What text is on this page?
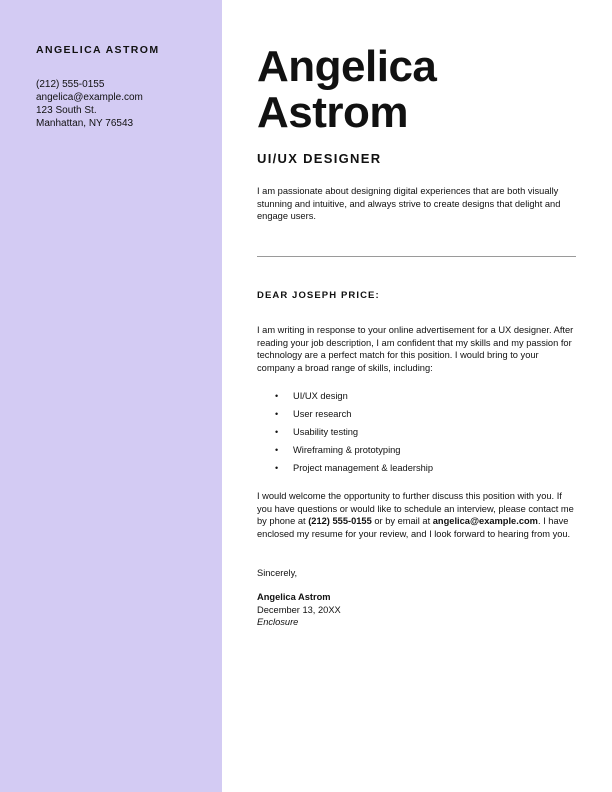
ANGELICA ASTROM
(212) 555-0155
angelica@example.com
123 South St.
Manhattan, NY 76543
Angelica
Astrom
UI/UX DESIGNER
I am passionate about designing digital experiences that are both visually stunning and intuitive, and always strive to create designs that delight and engage users.
DEAR JOSEPH PRICE:
I am writing in response to your online advertisement for a UX designer. After reading your job description, I am confident that my skills and my passion for technology are a perfect match for this position. I would bring to your company a broad range of skills, including:
• UI/UX design
• User research
• Usability testing
• Wireframing & prototyping
• Project management & leadership
I would welcome the opportunity to further discuss this position with you. If you have questions or would like to schedule an interview, please contact me by phone at (212) 555-0155 or by email at angelica@example.com. I have enclosed my resume for your review, and I look forward to hearing from you.
Sincerely,
Angelica Astrom
December 13, 20XX
Enclosure
